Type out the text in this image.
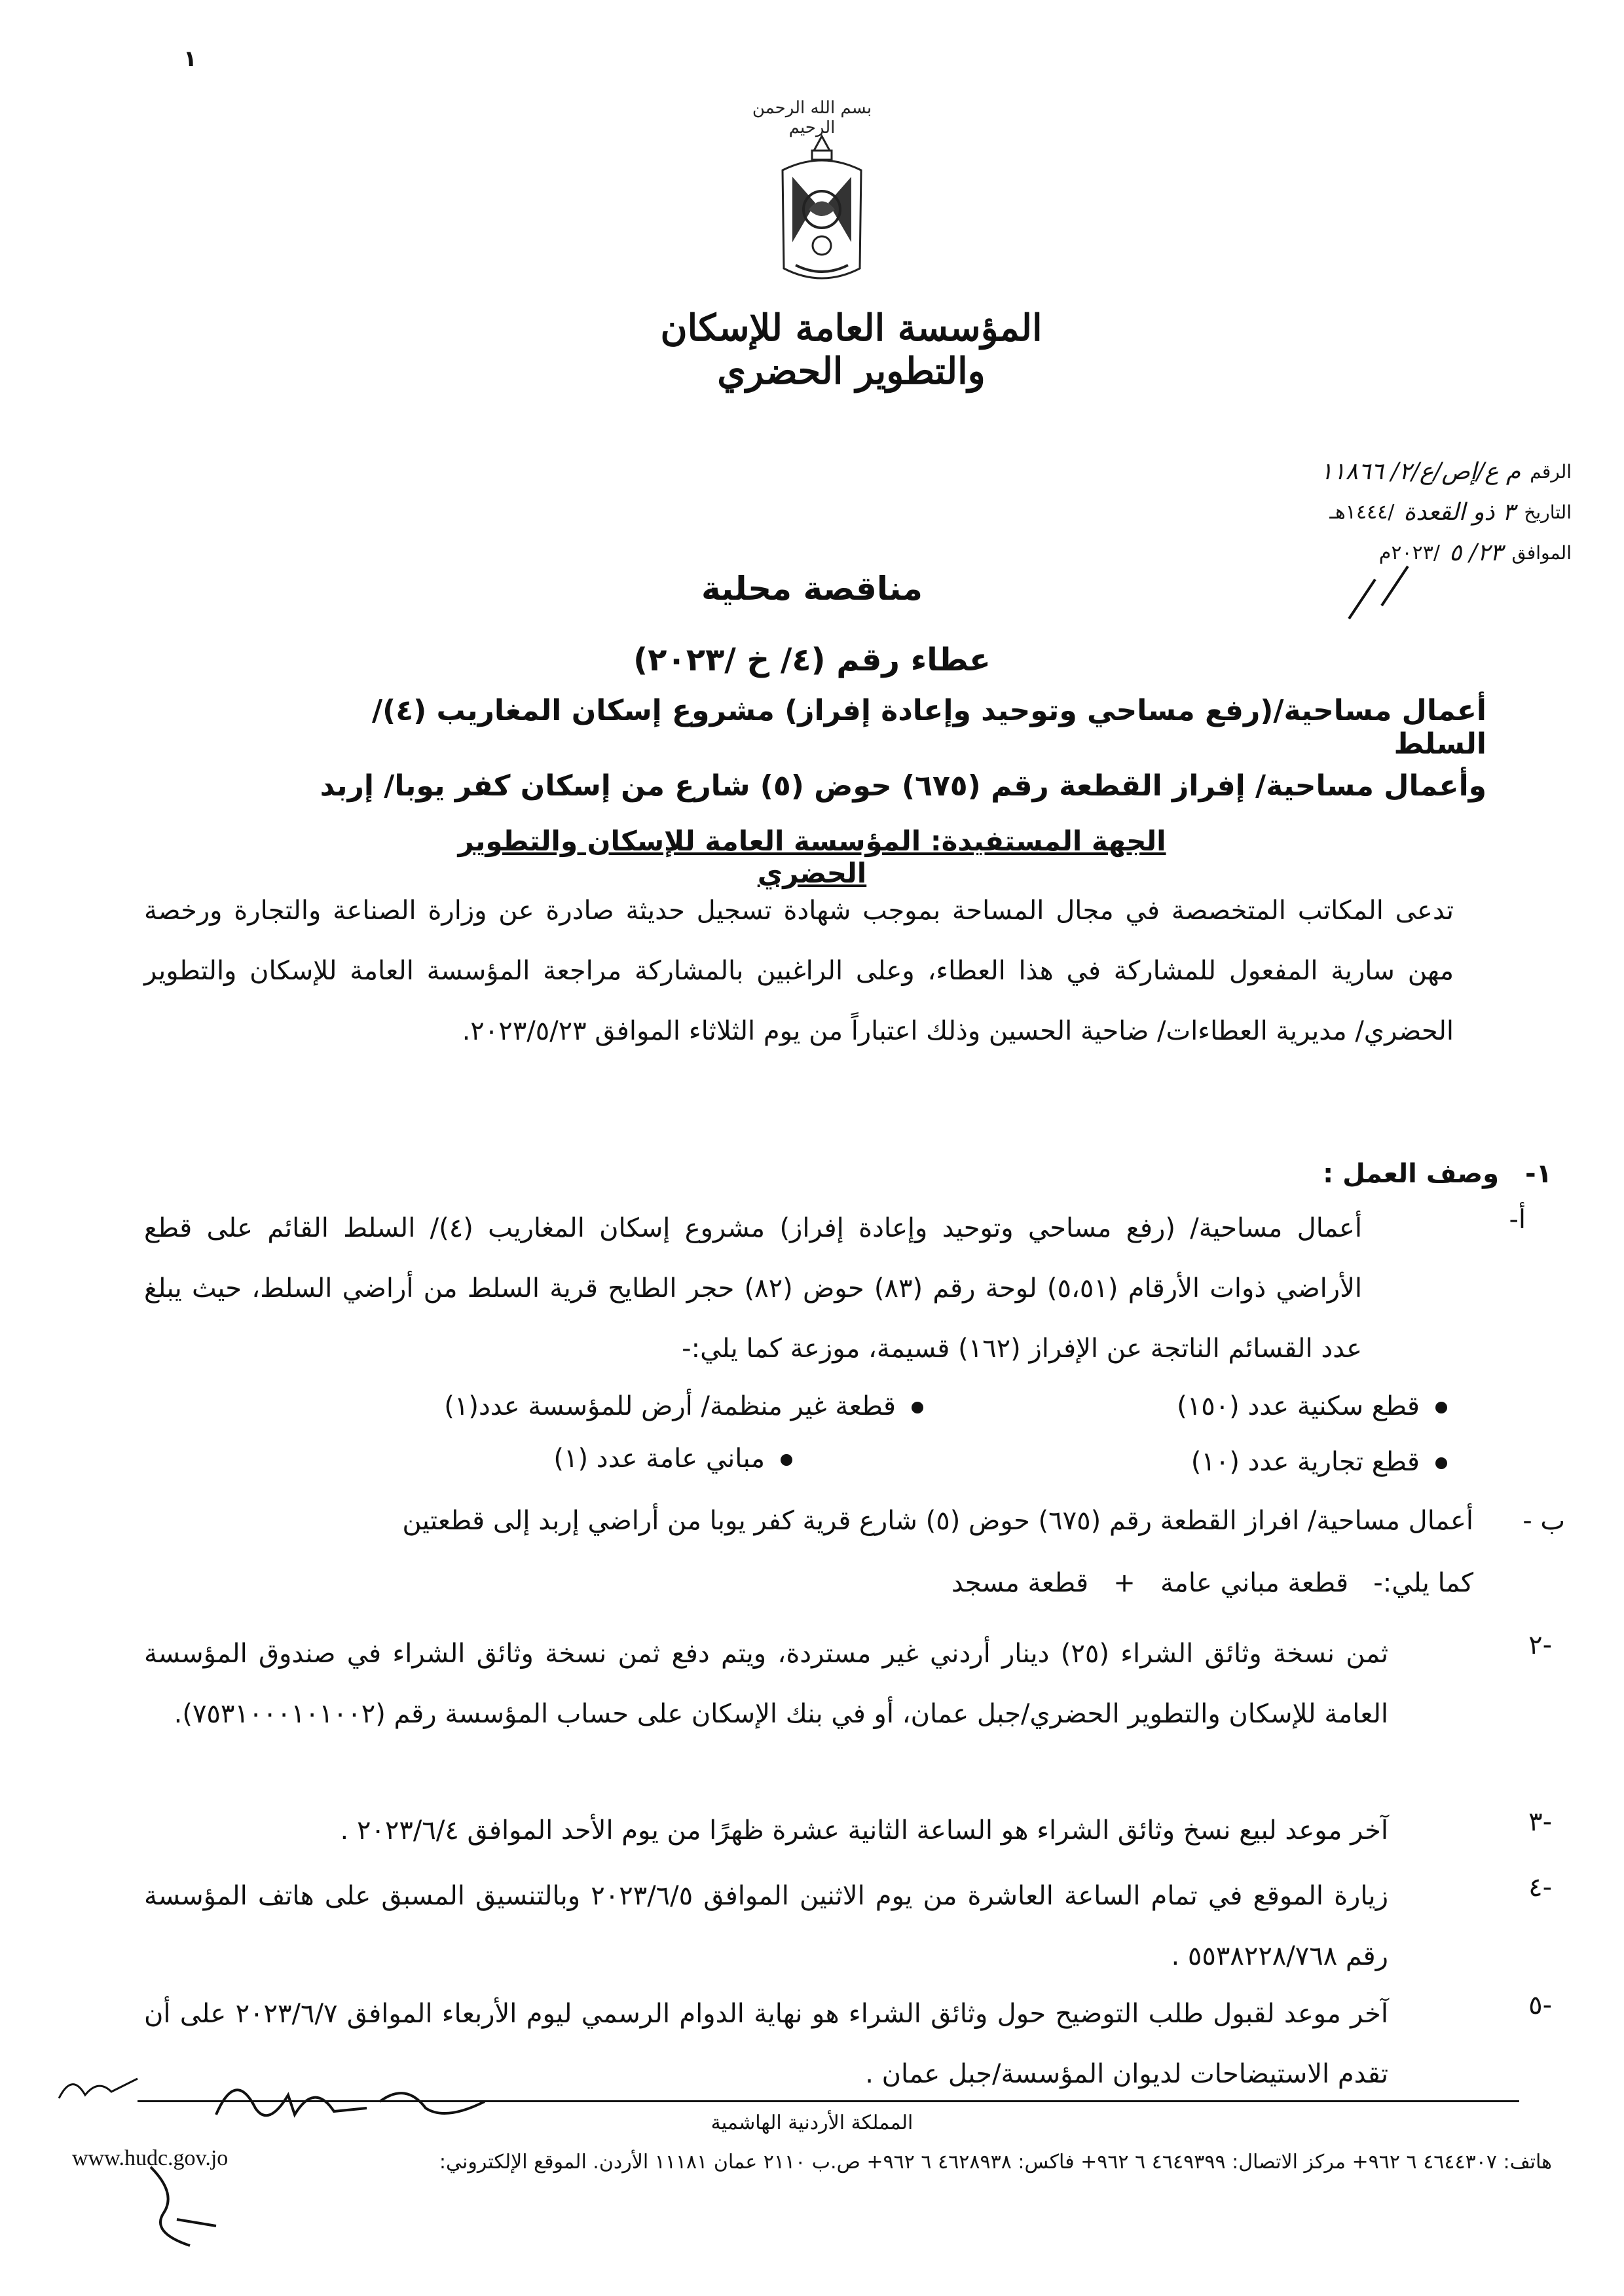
١
بسم الله الرحمن الرحيم
المؤسسة العامة للإسكان والتطوير الحضري
الرقم
م ع/إص/ع/٢/ ١١٨٦٦
التاريخ
٣ ذو القعدة
/١٤٤٤هـ
الموافق
٢٣/ ٥
/٢٠٢٣م
مناقصة محلية
عطاء رقم (٤/ خ /٢٠٢٣)
أعمال مساحية/(رفع مساحي وتوحيد وإعادة إفراز) مشروع إسكان المغاريب (٤)/ السلط
وأعمال مساحية/ إفراز القطعة رقم (٦٧٥) حوض (٥) شارع من إسكان كفر يوبا/ إربد
الجهة المستفيدة: المؤسسة العامة للإسكان والتطوير الحضري
تدعى المكاتب المتخصصة في مجال المساحة بموجب شهادة تسجيل حديثة صادرة عن وزارة الصناعة والتجارة ورخصة مهن سارية المفعول للمشاركة في هذا العطاء، وعلى الراغبين بالمشاركة مراجعة المؤسسة العامة للإسكان والتطوير الحضري/ مديرية العطاءات/ ضاحية الحسين وذلك اعتباراً من يوم الثلاثاء الموافق ٢٠٢٣/٥/٢٣.
١-
وصف العمل :
أ-
أعمال مساحية/ (رفع مساحي وتوحيد وإعادة إفراز) مشروع إسكان المغاريب (٤)/ السلط القائم على قطع الأراضي ذوات الأرقام (٥،٥١) لوحة رقم (٨٣) حوض (٨٢) حجر الطايح قرية السلط من أراضي السلط، حيث يبلغ عدد القسائم الناتجة عن الإفراز (١٦٢) قسيمة، موزعة كما يلي:-
قطع سكنية عدد (١٥٠)
قطعة غير منظمة/ أرض للمؤسسة عدد(١)
قطع تجارية عدد (١٠)
مباني عامة عدد (١)
ب -
أعمال مساحية/ افراز القطعة رقم (٦٧٥) حوض (٥) شارع قرية كفر يوبا من أراضي إربد إلى قطعتين
كما يلي:-   قطعة مباني عامة   +   قطعة مسجد
٢-
ثمن نسخة وثائق الشراء (٢٥) دينار أردني غير مستردة، ويتم دفع ثمن نسخة وثائق الشراء في صندوق المؤسسة العامة للإسكان والتطوير الحضري/جبل عمان، أو في بنك الإسكان على حساب المؤسسة رقم (٧٥٣١٠٠٠١٠١٠٠٢).
٣-
آخر موعد لبيع نسخ وثائق الشراء هو الساعة الثانية عشرة ظهرًا من يوم الأحد الموافق ٢٠٢٣/٦/٤ .
٤-
زيارة الموقع في تمام الساعة العاشرة من يوم الاثنين الموافق ٢٠٢٣/٦/٥ وبالتنسيق المسبق على هاتف المؤسسة رقم ٥٥٣٨٢٢٨/٧٦٨ .
٥-
آخر موعد لقبول طلب التوضيح حول وثائق الشراء هو نهاية الدوام الرسمي ليوم الأربعاء الموافق ٢٠٢٣/٦/٧ على أن تقدم الاستيضاحات لديوان المؤسسة/جبل عمان .
المملكة الأردنية الهاشمية
هاتف: ٤٦٤٤٣٠٧ ٦ ٩٦٢+ مركز الاتصال: ٤٦٤٩٣٩٩ ٦ ٩٦٢+ فاكس: ٤٦٢٨٩٣٨ ٦ ٩٦٢+ ص.ب ٢١١٠ عمان ١١١٨١ الأردن. الموقع الإلكتروني:
www.hudc.gov.jo
